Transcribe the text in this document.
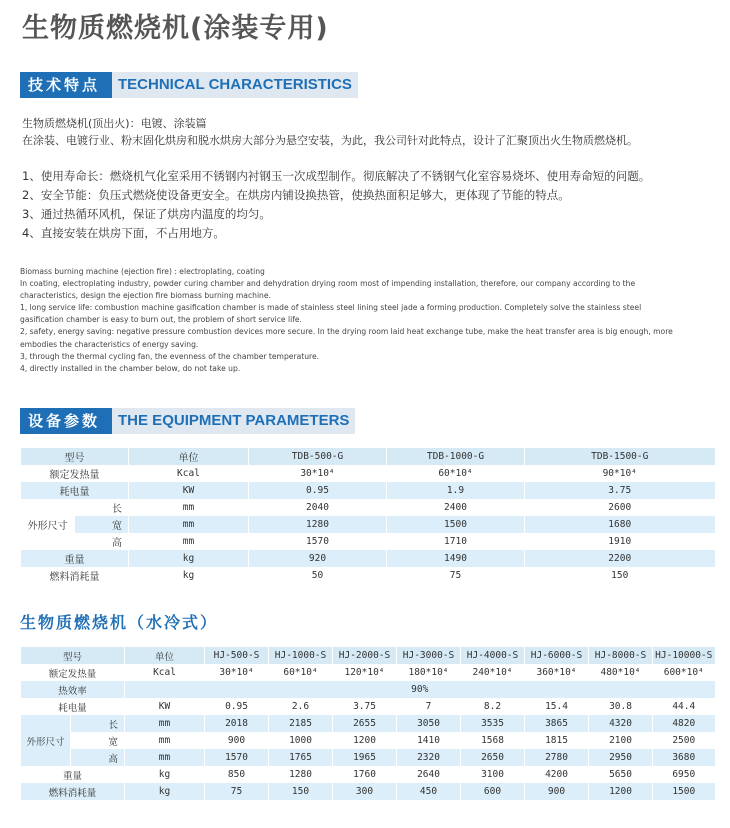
生物质燃烧机(涂装专用)
技术特点	TECHNICAL CHARACTERISTICS

生物质燃烧机(顶出火)：电镀、涂装篇

在涂装、电镀行业、粉末固化烘房和脱水烘房大部分为悬空安装，为此，我公司针对此特点，设计了汇聚顶出火生物质燃烧机。

1、使用寿命长：燃烧机气化室采用不锈钢内衬钢玉一次成型制作。彻底解决了不锈钢气化室容易烧坏、使用寿命短的问题。
2、安全节能：负压式燃烧使设备更安全。在烘房内铺设换热管，使换热面积足够大，更体现了节能的特点。
3、通过热循环风机，保证了烘房内温度的均匀。
4、直接安装在烘房下面，不占用地方。

Biomass burning machine (ejection fire) : electroplating, coating

In coating, electroplating industry, powder curing chamber and dehydration drying room most of impending installation, therefore, our company according to the characteristics, design the ejection fire biomass burning machine.

1, long service life: combustion machine gasification chamber is made of stainless steel lining steel jade a forming production. Completely solve the stainless steel gasification chamber is easy to burn out, the problem of short service life.

2, safety, energy saving: negative pressure combustion devices more secure. In the drying room laid heat exchange tube, make the heat transfer area is big enough, more embodies the characteristics of energy saving.

3, through the thermal cycling fan, the evenness of the chamber temperature.

4, directly installed in the chamber below, do not take up.

设备参数	THE EQUIPMENT PARAMETERS
型号		单位	TDB-500-G	TDB-1000-G	TDB-1500-G
额定发热量		Kcal	30*10⁴	60*10⁴	90*10⁴
耗电量		KW	0.95	1.9	3.75
外形尺寸	长	mm	2040	2400	2600
	宽	mm	1280	1500	1680
	高	mm	1570	1710	1910
重量		kg	920	1490	2200
燃料消耗量		kg	50	75	150
生物质燃烧机（水冷式）
型号		单位	HJ-500-S	HJ-1000-S	HJ-2000-S	HJ-3000-S	HJ-4000-S	HJ-6000-S	HJ-8000-S	HJ-10000-S
额定发热量		Kcal	30*10⁴	60*10⁴	120*10⁴	180*10⁴	240*10⁴	360*10⁴	480*10⁴	600*10⁴
热效率		90%								
耗电量		KW	0.95	2.6	3.75	7	8.2	15.4	30.8	44.4
外形尺寸	长	mm	2018	2185	2655	3050	3535	3865	4320	4820
	宽	mm	900	1000	1200	1410	1568	1815	2100	2500
	高	mm	1570	1765	1965	2320	2650	2780	2950	3680
重量		kg	850	1280	1760	2640	3100	4200	5650	6950
燃料消耗量		kg	75	150	300	450	600	900	1200	1500
